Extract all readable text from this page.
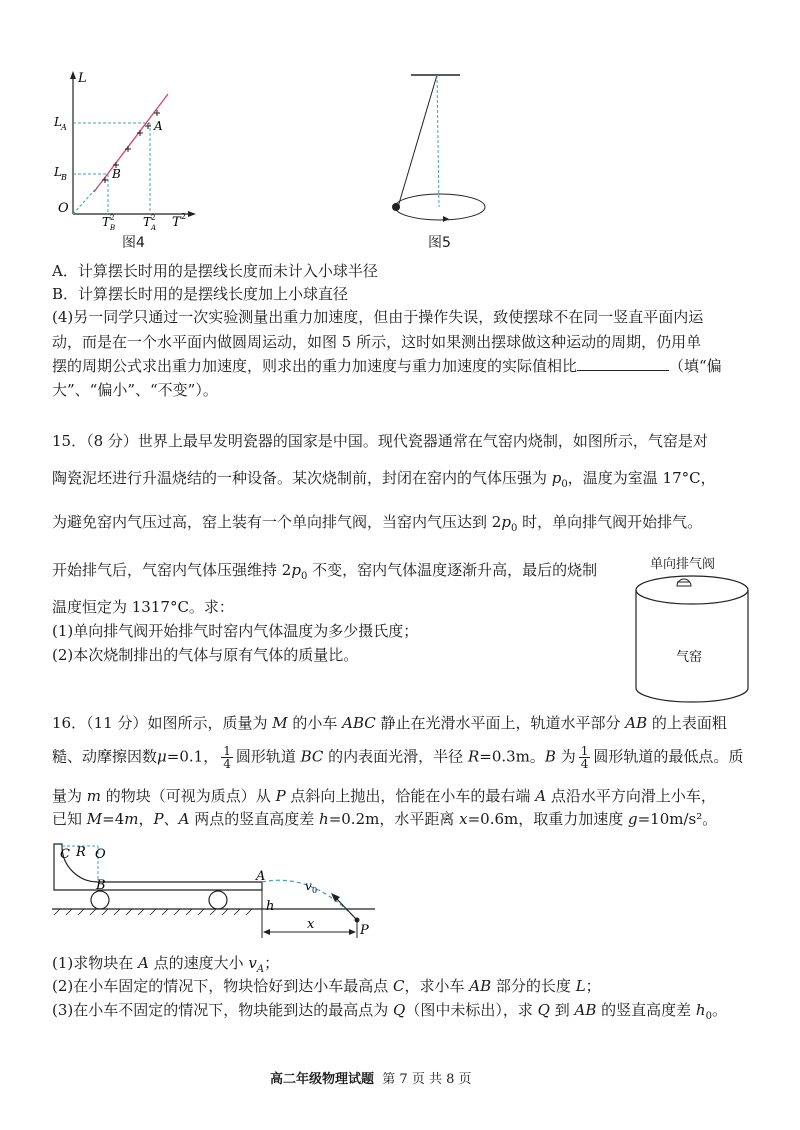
L
T 2
O
L A
L B
T B
2 T A
2
A
B
图4	图5
A．计算摆长时用的是摆线长度而未计入小球半径
B．计算摆长时用的是摆线长度加上小球直径
(4)另一同学只通过一次实验测量出重力加速度，但由于操作失误，致使摆球不在同一竖直平面内运
动，而是在一个水平面内做圆周运动，如图 5 所示，这时如果测出摆球做这种运动的周期，仍用单
摆的周期公式求出重力加速度，则求出的重力加速度与重力加速度的实际值相比	（填“偏
大”、“偏小”、“不变”）。
15．（8 分）世界上最早发明瓷器的国家是中国。现代瓷器通常在气窑内烧制，如图所示，气窑是对
陶瓷泥坯进行升温烧结的一种设备。某次烧制前，封闭在窑内的气体压强为 $p_0$，温度为室温 17°C，
为避免窑内气压过高，窑上装有一个单向排气阀，当窑内气压达到 $2p_0$ 时，单向排气阀开始排气。
开始排气后，气窑内气体压强维持 $2p_0$ 不变，窑内气体温度逐渐升高，最后的烧制
温度恒定为 1317°C。求：
(1)单向排气阀开始排气时窑内气体温度为多少摄氏度；
(2)本次烧制排出的气体与原有气体的质量比。
单向排气阀
气窑
16．（11 分）如图所示，质量为 M 的小车 ABC 静止在光滑水平面上，轨道水平部分 AB 的上表面粗
糙、动摩擦因数μ=0.1， $\frac{1}{4}$ 圆形轨道 BC 的内表面光滑，半径 R=0.3m。B 为 $\frac{1}{4}$ 圆形轨道的最低点。质
量为 m 的物块（可视为质点）从 P 点斜向上抛出，恰能在小车的最右端 A 点沿水平方向滑上小车，
已知 M=4m，P、A 两点的竖直高度差 h=0.2m，水平距离 x=0.6m，取重力加速度 g=10m/s²。
C R O
B
A
v 0
h
x	P
(1)求物块在 A 点的速度大小 $v_A$；
(2)在小车固定的情况下，物块恰好到达小车最高点 C，求小车 AB 部分的长度 L；
(3)在小车不固定的情况下，物块能到达的最高点为 Q（图中未标出），求 Q 到 AB 的竖直高度差 $h_0$。
高二年级物理试题 第 7 页 共 8 页
